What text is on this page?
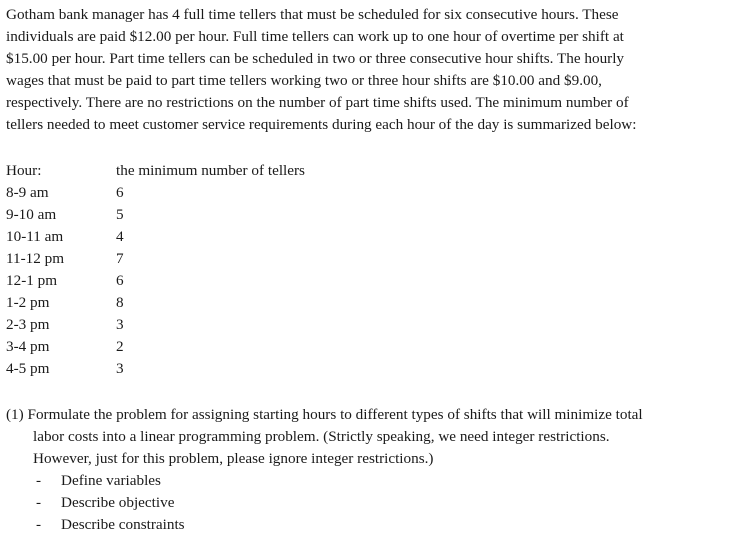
Gotham bank manager has 4 full time tellers that must be scheduled for six consecutive hours. These
individuals are paid $12.00 per hour. Full time tellers can work up to one hour of overtime per shift at
$15.00 per hour. Part time tellers can be scheduled in two or three consecutive hour shifts. The hourly
wages that must be paid to part time tellers working two or three hour shifts are $10.00 and $9.00,
respectively. There are no restrictions on the number of part time shifts used. The minimum number of
tellers needed to meet customer service requirements during each hour of the day is summarized below:
Hour:	the minimum number of tellers
8-9 am	6
9-10 am	5
10-11 am	4
11-12 pm	7
12-1 pm	6
1-2 pm	8
2-3 pm	3
3-4 pm	2
4-5 pm	3
(1) Formulate the problem for assigning starting hours to different types of shifts that will minimize total
labor costs into a linear programming problem. (Strictly speaking, we need integer restrictions.
However, just for this problem, please ignore integer restrictions.)
- Define variables
- Describe objective
- Describe constraints
